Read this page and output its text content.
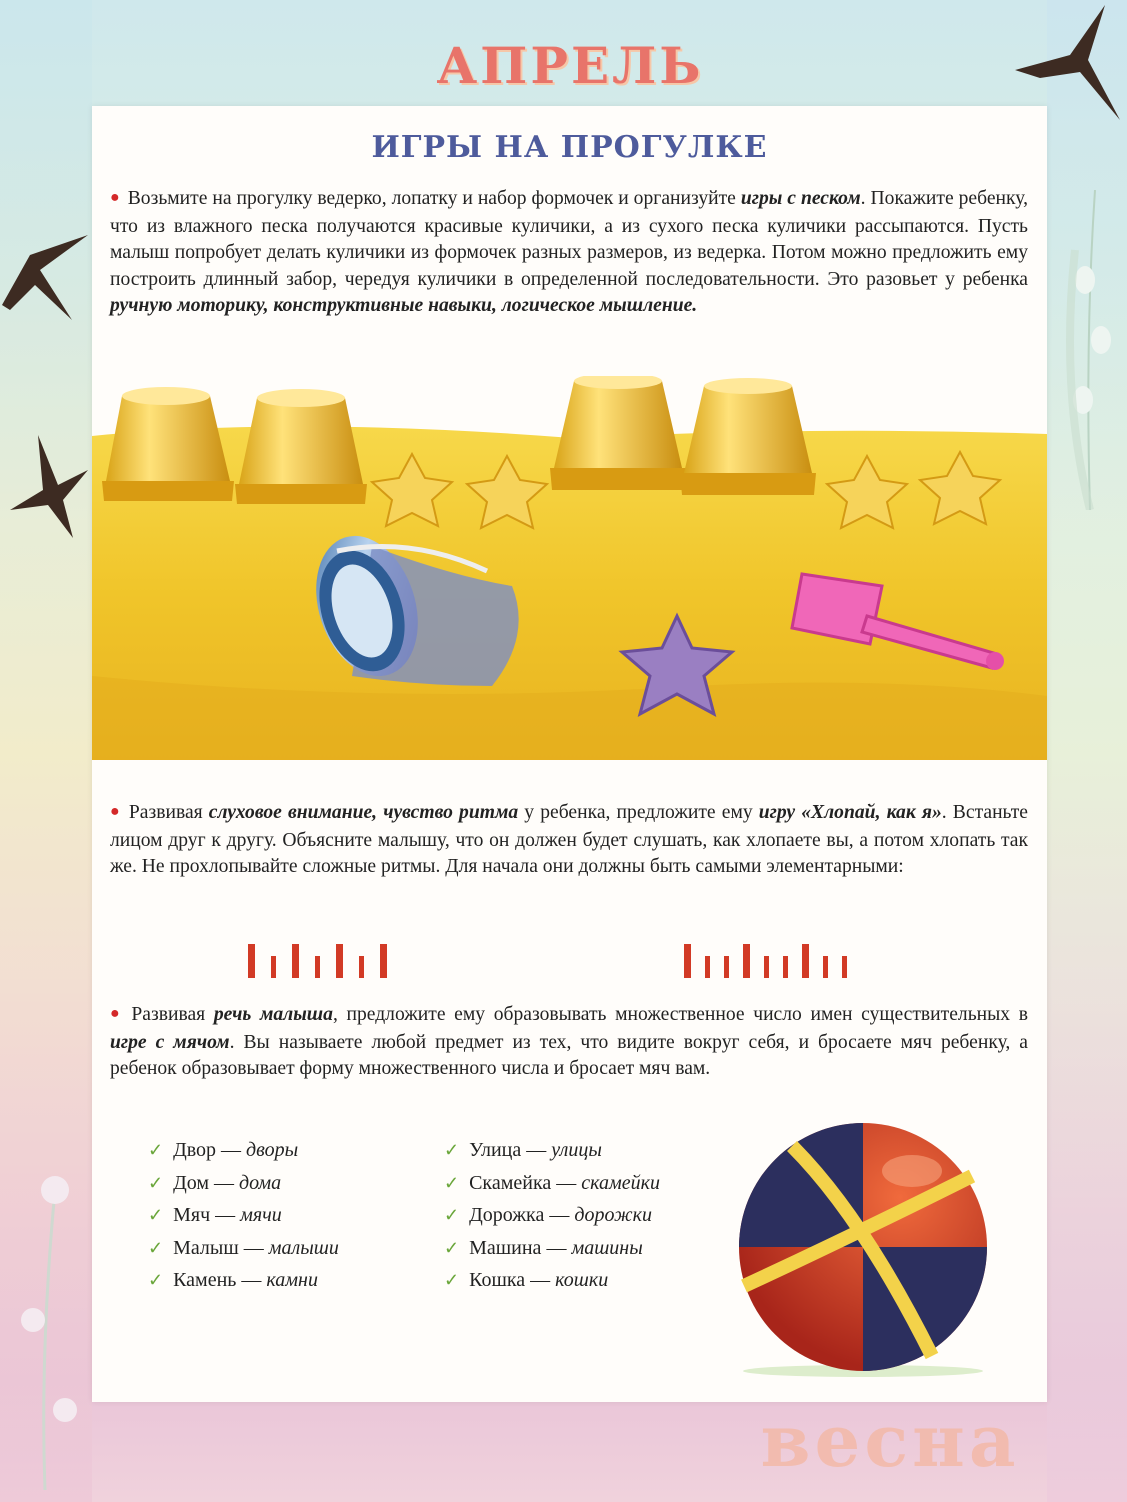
АПРЕЛЬ
ИГРЫ НА ПРОГУЛКЕ
● Возьмите на прогулку ведерко, лопатку и набор формочек и организуйте игры с песком. Покажите ребенку, что из влажного песка получаются красивые куличики, а из сухого песка куличики рассыпаются. Пусть малыш попробует делать куличики из формочек разных размеров, из ведерка. Потом можно предложить ему построить длинный забор, чередуя куличики в определенной последовательности. Это разовьет у ребенка ручную моторику, конструктивные навыки, логическое мышление.
● Развивая слуховое внимание, чувство ритма у ребенка, предложите ему игру «Хлопай, как я». Встаньте лицом друг к другу. Объясните малышу, что он должен будет слушать, как хлопаете вы, а потом хлопать так же. Не прохлопывайте сложные ритмы. Для начала они должны быть самыми элементарными:
● Развивая речь малыша, предложите ему образовывать множественное число имен существительных в игре с мячом. Вы называете любой предмет из тех, что видите вокруг себя, и бросаете мяч ребенку, а ребенок образовывает форму множественного числа и бросает мяч вам.
✓ Двор — дворы
✓ Дом — дома
✓ Мяч — мячи
✓ Малыш — малыши
✓ Камень — камни
✓ Улица — улицы
✓ Скамейка — скамейки
✓ Дорожка — дорожки
✓ Машина — машины
✓ Кошка — кошки
весна
